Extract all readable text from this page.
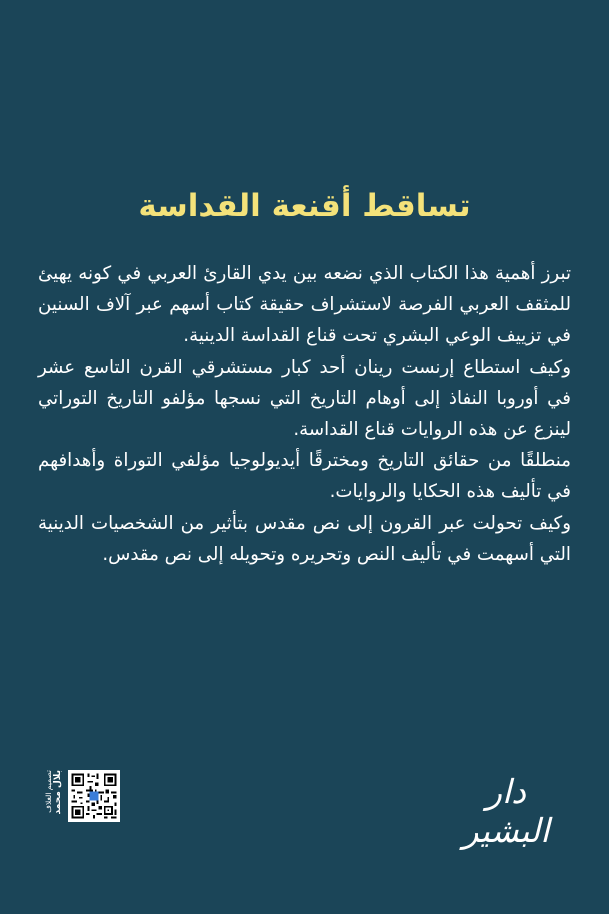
تساقط أقنعة القداسة

تبرز أهمية هذا الكتاب الذي نضعه بين يدي القارئ العربي في كونه يهيئ للمثقف العربي الفرصة لاستشراف حقيقة كتاب أسهم عبر آلاف السنين في تزييف الوعي البشري تحت قناع القداسة الدينية.

وكيف استطاع إرنست رينان أحد كبار مستشرقي القرن التاسع عشر في أوروبا النفاذ إلى أوهام التاريخ التي نسجها مؤلفو التاريخ التوراتي لينزع عن هذه الروايات قناع القداسة.

منطلقًا من حقائق التاريخ ومخترقًا أيديولوجيا مؤلفي التوراة وأهدافهم في تأليف هذه الحكايا والروايات.

وكيف تحولت عبر القرون إلى نص مقدس بتأثير من الشخصيات الدينية التي أسهمت في تأليف النص وتحريره وتحويله إلى نص مقدس.

تصميم الغلاف بلال محمد	دار البشير
